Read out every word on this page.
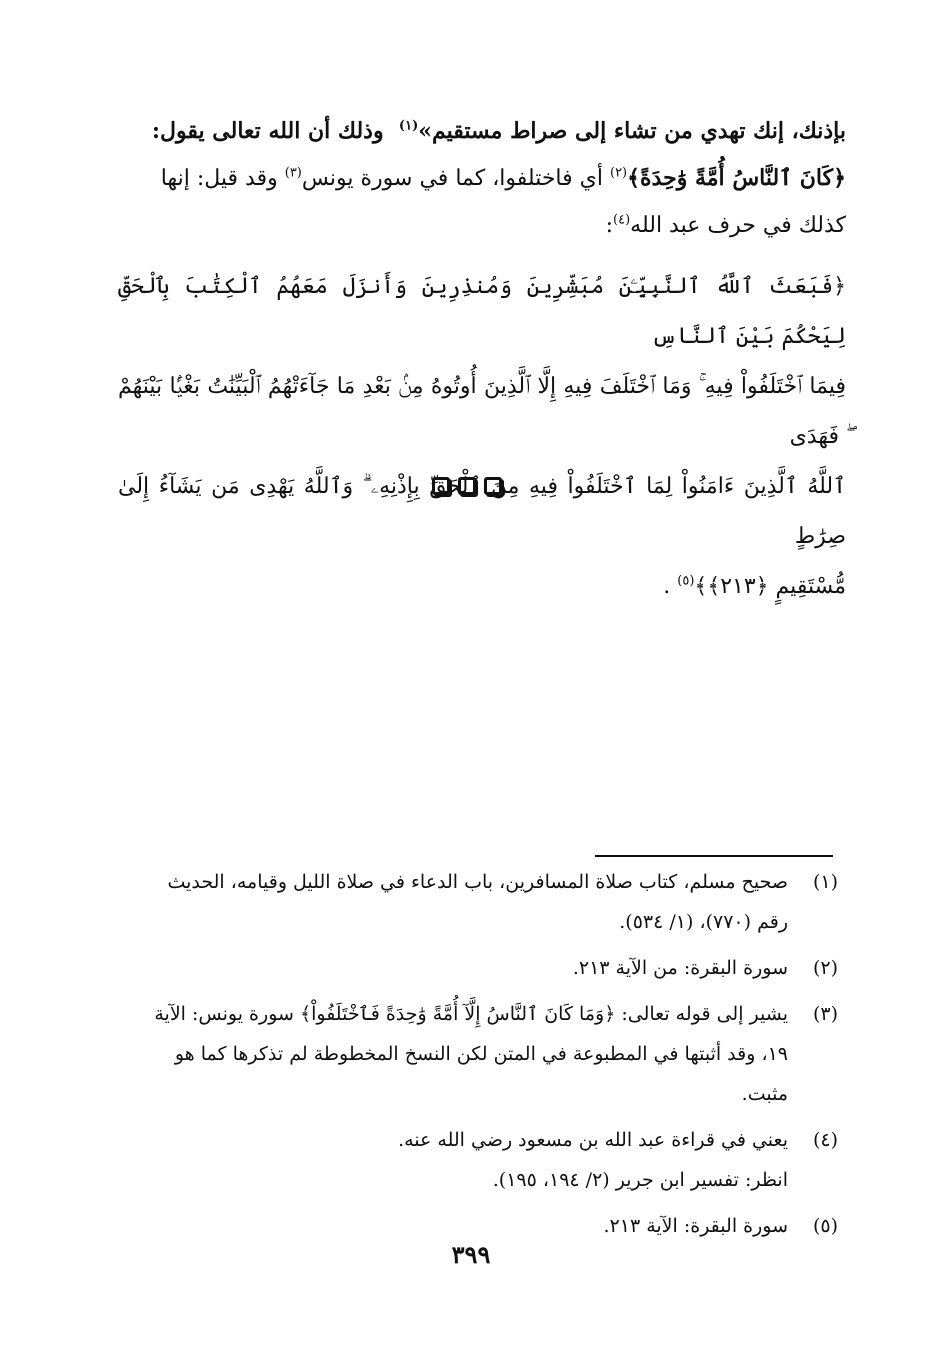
بإذنك، إنك تهدي من تشاء إلى صراط مستقيم»$^{(١)}$  وذلك أن الله تعالى يقول:

﴿كَانَ ٱلنَّاسُ أُمَّةً وَٰحِدَةً﴾$^{(٢)}$ أي فاختلفوا، كما في سورة يونس$^{(٣)}$ وقد قيل: إنها

كذلك في حرف عبد الله$^{(٤)}$:

﴿فَبَعَثَ ٱللَّهُ ٱلنَّبِيِّـۧنَ مُبَشِّرِينَ وَمُنذِرِينَ وَأَنزَلَ مَعَهُمُ ٱلْكِتَٰبَ بِٱلْحَقِّ لِيَحْكُمَ بَيْنَ ٱلنَّاسِ

فِيمَا ٱخْتَلَفُواْ فِيهِ ۚ وَمَا ٱخْتَلَفَ فِيهِ إِلَّا ٱلَّذِينَ أُوتُوهُ مِنۢ بَعْدِ مَا جَآءَتْهُمُ ٱلْبَيِّنَٰتُ بَغْيًۢا بَيْنَهُمْ ۖ فَهَدَى

ٱللَّهُ ٱلَّذِينَ ءَامَنُواْ لِمَا ٱخْتَلَفُواْ فِيهِ مِنَ ٱلْحَقِّ بِإِذْنِهِۦ ۗ وَٱللَّهُ يَهْدِى مَن يَشَآءُ إِلَىٰ صِرَٰطٍ

مُّسْتَقِيمٍ ﴿٢١٣﴾﴾$^{(٥)}$ .

(١)
صحيح مسلم، كتاب صلاة المسافرين، باب الدعاء في صلاة الليل وقيامه، الحديث
رقم (٧٧٠)، (١/ ٥٣٤).
(٢)
سورة البقرة: من الآية ٢١٣.
(٣)
يشير إلى قوله تعالى: ﴿وَمَا كَانَ ٱلنَّاسُ إِلَّآ أُمَّةً وَٰحِدَةً فَٱخْتَلَفُواْ﴾ سورة يونس: الآية
١٩، وقد أثبتها في المطبوعة في المتن لكن النسخ المخطوطة لم تذكرها كما هو
مثبت.
(٤)
يعني في قراءة عبد الله بن مسعود رضي الله عنه.
انظر: تفسير ابن جرير (٢/ ١٩٤، ١٩٥).
(٥)
سورة البقرة: الآية ٢١٣.
٣٩٩
